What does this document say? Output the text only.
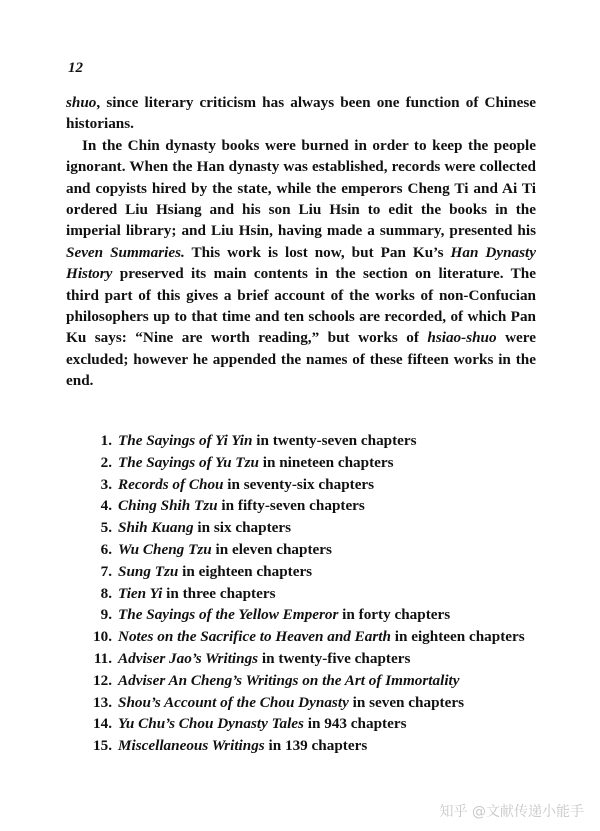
12

shuo, since literary criticism has always been one function of Chinese historians.

In the Chin dynasty books were burned in order to keep the people ignorant. When the Han dynasty was established, records were collected and copyists hired by the state, while the emperors Cheng Ti and Ai Ti ordered Liu Hsiang and his son Liu Hsin to edit the books in the imperial library; and Liu Hsin, having made a summary, presented his Seven Summaries. This work is lost now, but Pan Ku’s Han Dynasty History preserved its main contents in the section on literature. The third part of this gives a brief account of the works of non-Confucian philosophers up to that time and ten schools are recorded, of which Pan Ku says: “Nine are worth reading,” but works of hsiao-shuo were excluded; however he appended the names of these fifteen works in the end.

1. The Sayings of Yi Yin in twenty-seven chapters
2. The Sayings of Yu Tzu in nineteen chapters
3. Records of Chou in seventy-six chapters
4. Ching Shih Tzu in fifty-seven chapters
5. Shih Kuang in six chapters
6. Wu Cheng Tzu in eleven chapters
7. Sung Tzu in eighteen chapters
8. Tien Yi in three chapters
9. The Sayings of the Yellow Emperor in forty chapters
10. Notes on the Sacrifice to Heaven and Earth in eighteen chapters
11. Adviser Jao’s Writings in twenty-five chapters
12. Adviser An Cheng’s Writings on the Art of Immortality
13. Shou’s Account of the Chou Dynasty in seven chapters
14. Yu Chu’s Chou Dynasty Tales in 943 chapters
15. Miscellaneous Writings in 139 chapters
知乎 @文献传递小能手
